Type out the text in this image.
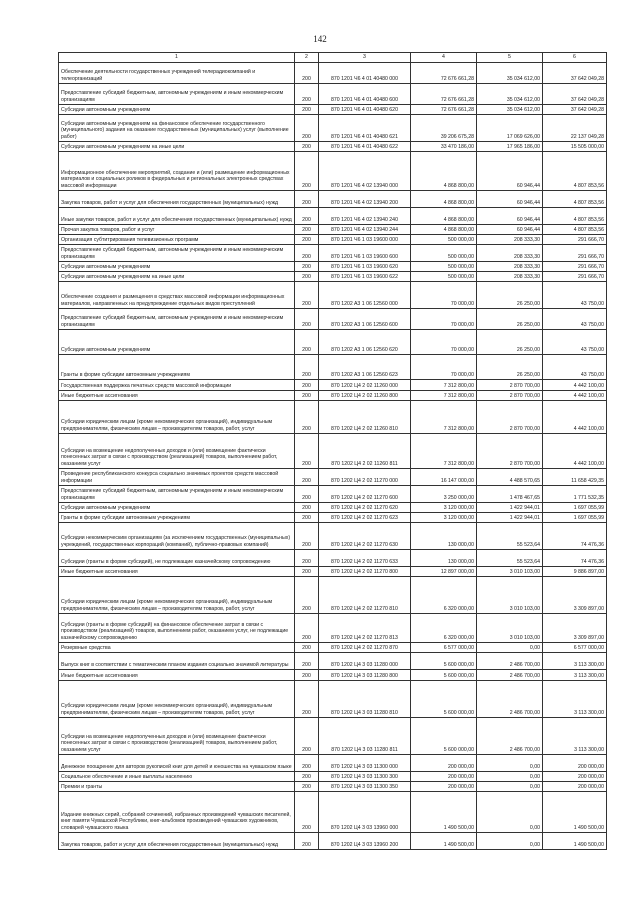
142
1	2	3	4	5	6
Обеспечение деятельности государственных учреждений телерадиокомпаний и телеорганизаций	200	870 1201 Ч6 4 01 40480 000	72 676 661,28	35 034 612,00	37 642 049,28
Предоставление субсидий бюджетным, автономным учреждениям и иным некоммерческим организациям	200	870 1201 Ч6 4 01 40480 600	72 676 661,28	35 034 612,00	37 642 049,28
Субсидии автономным учреждениям	200	870 1201 Ч6 4 01 40480 620	72 676 661,28	35 034 612,00	37 642 049,28
Субсидии автономным учреждениям на финансовое обеспечение государственного (муниципального) задания на оказание государственных (муниципальных) услуг (выполнение работ)	200	870 1201 Ч6 4 01 40480 621	39 206 675,28	17 069 626,00	22 137 049,28
Субсидии автономным учреждениям на иные цели	200	870 1201 Ч6 4 01 40480 622	33 470 186,00	17 965 186,00	15 505 000,00
Информационное обеспечение мероприятий, создание и (или) размещение информационных материалов и социальных роликов в федеральных и региональных электронных средствах массовой информации	200	870 1201 Ч6 4 02 13940 000	4 868 800,00	60 946,44	4 807 853,56
Закупка товаров, работ и услуг для обеспечения государственных (муниципальных) нужд	200	870 1201 Ч6 4 02 13940 200	4 868 800,00	60 946,44	4 807 853,56
Иные закупки товаров, работ и услуг для обеспечения государственных (муниципальных) нужд	200	870 1201 Ч6 4 02 13940 240	4 868 800,00	60 946,44	4 807 853,56
Прочая закупка товаров, работ и услуг	200	870 1201 Ч6 4 02 13940 244	4 868 800,00	60 946,44	4 807 853,56
Организация субтитрирования телевизионных программ	200	870 1201 Ч6 1 03 19600 000	500 000,00	208 333,30	291 666,70
Предоставление субсидий бюджетным, автономным учреждениям и иным некоммерческим организациям	200	870 1201 Ч6 1 03 19600 600	500 000,00	208 333,30	291 666,70
Субсидии автономным учреждениям	200	870 1201 Ч6 1 03 19600 620	500 000,00	208 333,30	291 666,70
Субсидии автономным учреждениям на иные цели	200	870 1201 Ч6 1 03 19600 622	500 000,00	208 333,30	291 666,70
Обеспечение создания и размещения в средствах массовой информации информационных материалов, направленных на предупреждение отдельных видов преступлений	200	870 1202 A3 1 06 12560 000	70 000,00	26 250,00	43 750,00
Предоставление субсидий бюджетным, автономным учреждениям и иным некоммерческим организациям	200	870 1202 A3 1 06 12560 600	70 000,00	26 250,00	43 750,00
Субсидии автономным учреждениям	200	870 1202 A3 1 06 12560 620	70 000,00	26 250,00	43 750,00
Гранты в форме субсидии автономным учреждениям	200	870 1202 A3 1 06 12560 623	70 000,00	26 250,00	43 750,00
Государственная поддержка печатных средств массовой информации	200	870 1202 Ц4 2 02 11260 000	7 312 800,00	2 870 700,00	4 442 100,00
Иные бюджетные ассигнования	200	870 1202 Ц4 2 02 11260 800	7 312 800,00	2 870 700,00	4 442 100,00
Субсидии юридическим лицам (кроме некоммерческих организаций), индивидуальным предпринимателям, физическим лицам – производителям товаров, работ, услуг	200	870 1202 Ц4 2 02 11260 810	7 312 800,00	2 870 700,00	4 442 100,00
Субсидии на возмещение недополученных доходов и (или) возмещение фактически понесенных затрат в связи с производством (реализацией) товаров, выполнением работ, оказанием услуг	200	870 1202 Ц4 2 02 11260 811	7 312 800,00	2 870 700,00	4 442 100,00
Проведение республиканского конкурса социально значимых проектов средств массовой информации	200	870 1202 Ц4 2 02 11270 000	16 147 000,00	4 488 570,65	11 658 429,35
Предоставление субсидий бюджетным, автономным учреждениям и иным некоммерческим организациям	200	870 1202 Ц4 2 02 11270 600	3 250 000,00	1 478 467,65	1 771 532,35
Субсидии автономным учреждениям	200	870 1202 Ц4 2 02 11270 620	3 120 000,00	1 422 944,01	1 697 055,99
Гранты в форме субсидии автономным учреждениям	200	870 1202 Ц4 2 02 11270 623	3 120 000,00	1 422 944,01	1 697 055,99
Субсидии некоммерческим организациям (за исключением государственных (муниципальных) учреждений, государственных корпораций (компаний), публично-правовых компаний)	200	870 1202 Ц4 2 02 11270 630	130 000,00	55 523,64	74 476,36
Субсидии (гранты в форме субсидий), не подлежащие казначейскому сопровождению	200	870 1202 Ц4 2 02 11270 633	130 000,00	55 523,64	74 476,36
Иные бюджетные ассигнования	200	870 1202 Ц4 2 02 11270 800	12 897 000,00	3 010 103,00	9 886 897,00
Субсидии юридическим лицам (кроме некоммерческих организаций), индивидуальным предпринимателям, физическим лицам – производителям товаров, работ, услуг	200	870 1202 Ц4 2 02 11270 810	6 320 000,00	3 010 103,00	3 309 897,00
Субсидии (гранты в форме субсидий) на финансовое обеспечение затрат в связи с производством (реализацией) товаров, выполнением работ, оказанием услуг, не подлежащие казначейскому сопровождению	200	870 1202 Ц4 2 02 11270 813	6 320 000,00	3 010 103,00	3 309 897,00
Резервные средства	200	870 1202 Ц4 2 02 11270 870	6 577 000,00	0,00	6 577 000,00
Выпуск книг в соответствии с тематическим планом издания социально значимой литературы	200	870 1202 Ц4 3 03 11280 000	5 600 000,00	2 486 700,00	3 113 300,00
Иные бюджетные ассигнования	200	870 1202 Ц4 3 03 11280 800	5 600 000,00	2 486 700,00	3 113 300,00
Субсидии юридическим лицам (кроме некоммерческих организаций), индивидуальным предпринимателям, физическим лицам – производителям товаров, работ, услуг	200	870 1202 Ц4 3 03 11280 810	5 600 000,00	2 486 700,00	3 113 300,00
Субсидии на возмещение недополученных доходов и (или) возмещение фактически понесенных затрат в связи с производством (реализацией) товаров, выполнением работ, оказанием услуг	200	870 1202 Ц4 3 03 11280 811	5 600 000,00	2 486 700,00	3 113 300,00
Денежное поощрение для авторов рукописей книг для детей и юношества на чувашском языке	200	870 1202 Ц4 3 03 11300 000	200 000,00	0,00	200 000,00
Социальное обеспечение и иные выплаты населению	200	870 1202 Ц4 3 03 11300 300	200 000,00	0,00	200 000,00
Премии и гранты	200	870 1202 Ц4 3 03 11300 350	200 000,00	0,00	200 000,00
Издание книжных серий, собраний сочинений, избранных произведений чувашских писателей, книг памяти Чувашской Республики, книг-альбомов произведений чувашских художников, словарей чувашского языка	200	870 1202 Ц4 3 03 13960 000	1 490 500,00	0,00	1 490 500,00
Закупка товаров, работ и услуг для обеспечения государственных (муниципальных) нужд	200	870 1202 Ц4 3 03 13960 200	1 490 500,00	0,00	1 490 500,00
